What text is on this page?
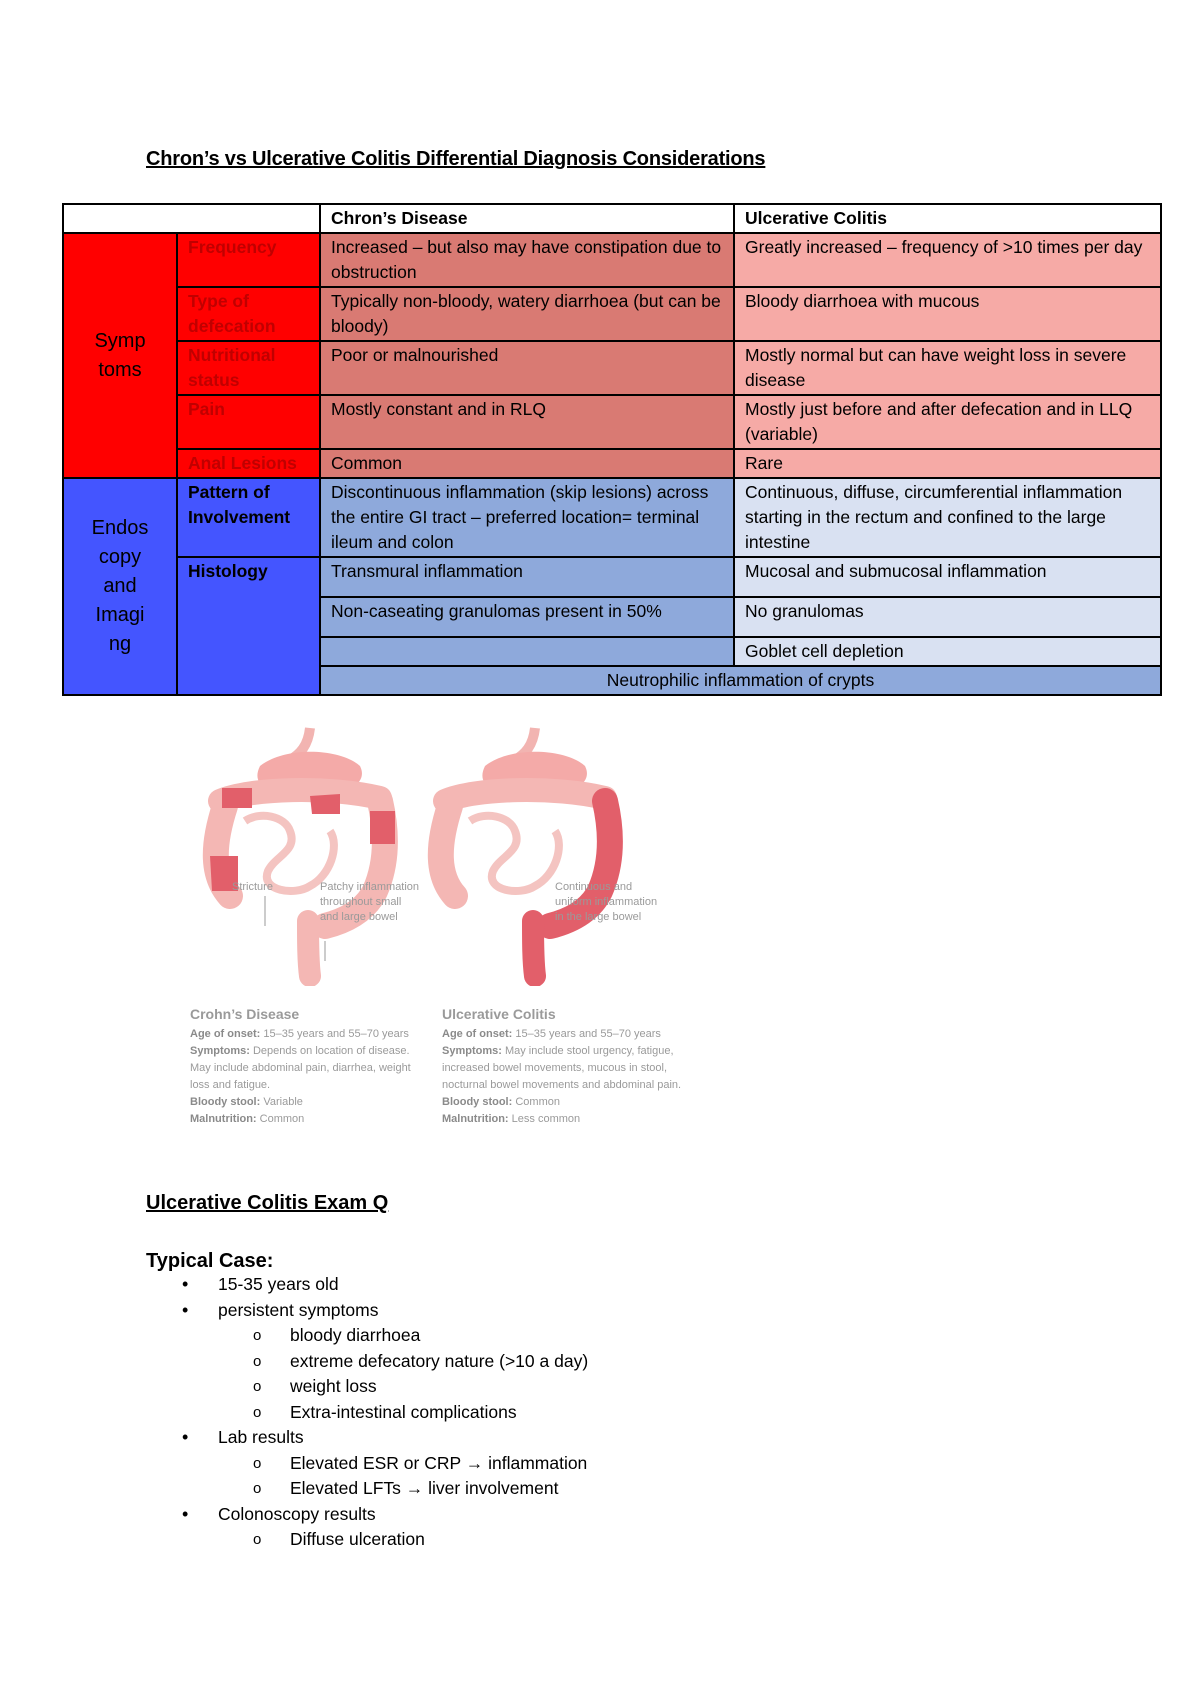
Chron’s vs Ulcerative Colitis Differential Diagnosis Considerations
		Chron’s Disease	Ulcerative Colitis
Symp
toms	Frequency	Increased – but also may have constipation due to obstruction	Greatly increased – frequency of >10 times per day
	Type of defecation	Typically non-bloody, watery diarrhoea (but can be bloody)	Bloody diarrhoea with mucous
	Nutritional status	Poor or malnourished	Mostly normal but can have weight loss in severe disease
	Pain	Mostly constant and in RLQ	Mostly just before and after defecation and in LLQ (variable)
	Anal Lesions	Common	Rare
Endos
copy
and
Imagi
ng	Pattern of Involvement	Discontinuous inflammation (skip lesions) across the entire GI tract – preferred location= terminal ileum and colon	Continuous, diffuse, circumferential inflammation starting in the rectum and confined to the large intestine
	Histology	Transmural inflammation	Mucosal and submucosal inflammation
		Non-caseating granulomas present in 50%	No granulomas
			Goblet cell depletion
		Neutrophilic inflammation of crypts	
Stricture	Patchy inflammation throughout small and large bowel
Continuous and uniform inflammation in the large bowel
Crohn’s Disease
Age of onset: 15–35 years and 55–70 years
Symptoms: Depends on location of disease. May include abdominal pain, diarrhea, weight loss and fatigue.
Bloody stool: Variable
Malnutrition: Common
Ulcerative Colitis
Age of onset: 15–35 years and 55–70 years
Symptoms: May include stool urgency, fatigue, increased bowel movements, mucous in stool, nocturnal bowel movements and abdominal pain.
Bloody stool: Common
Malnutrition: Less common
Ulcerative Colitis Exam Q
Typical Case:
• 15-35 years old
• persistent symptoms
o bloody diarrhoea
o extreme defecatory nature (>10 a day)
o weight loss
o Extra-intestinal complications
• Lab results
o Elevated ESR or CRP → inflammation
o Elevated LFTs → liver involvement
• Colonoscopy results
o Diffuse ulceration
